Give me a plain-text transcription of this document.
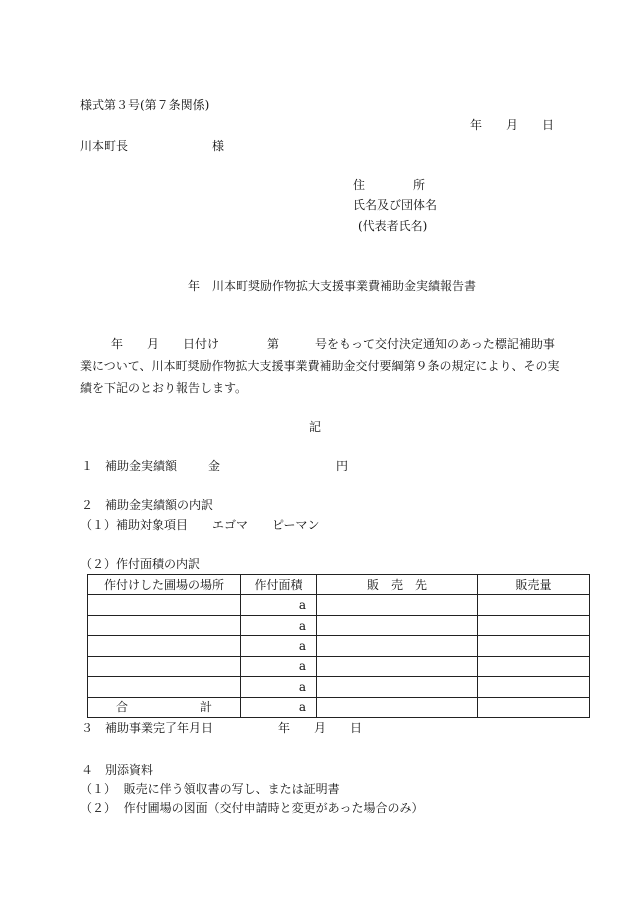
様式第３号(第７条関係)
年　　月　　日
川本町長　　　　　　　様
住　　　　所
氏名及び団体名
(代表者氏名)
年　川本町奨励作物拡大支援事業費補助金実績報告書
　年　　月　　日付け　　　　第　　　号をもって交付決定通知のあった標記補助事
業について、川本町奨励作物拡大支援事業費補助金交付要綱第９条の規定により、その実
績を下記のとおり報告します。
記
１　補助金実績額	金	円
２　補助金実績額の内訳
（１）補助対象項目　　エゴマ　　ピーマン
（２）作付面積の内訳
作付けした圃場の場所	作付面積	販　売　先	販売量
	a		
	a		
	a		
	a		
	a		
合 計	a		
３　補助事業完了年月日	年　　月　　日
４　別添資料
（１）  販売に伴う領収書の写し、または証明書
（２）  作付圃場の図面（交付申請時と変更があった場合のみ）
